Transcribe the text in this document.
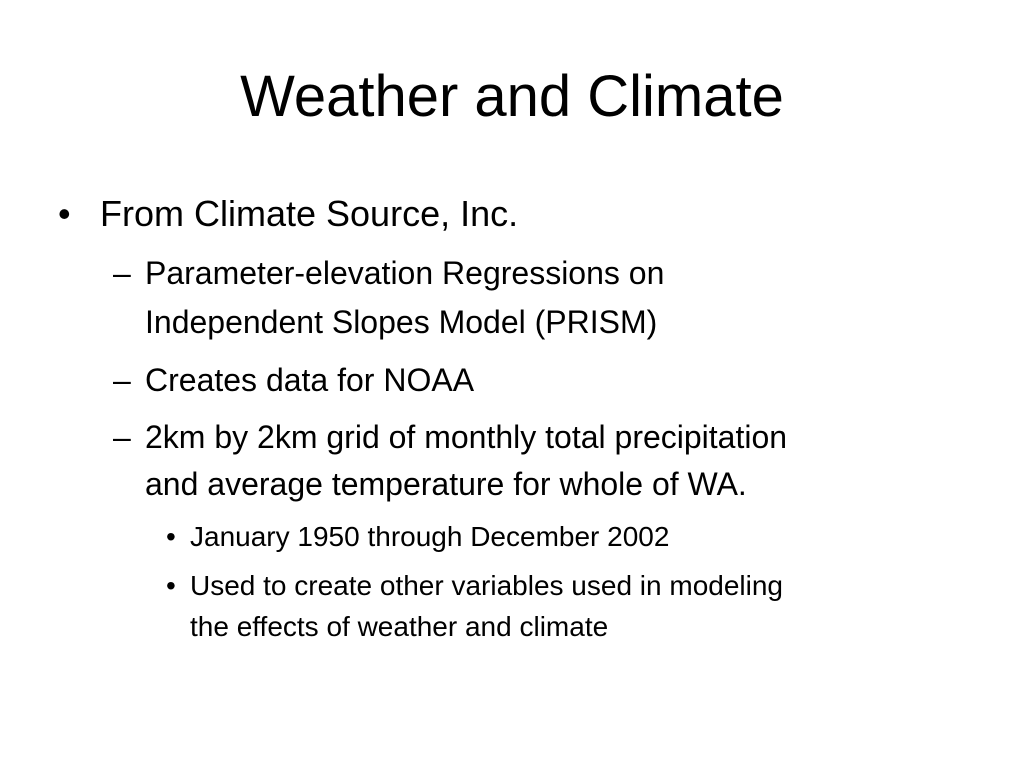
Weather and Climate
• From Climate Source, Inc.
– Parameter-elevation Regressions on
Independent Slopes Model (PRISM)
– Creates data for NOAA
– 2km by 2km grid of monthly total precipitation
and average temperature for whole of WA.
• January 1950 through December 2002
• Used to create other variables used in modeling
the effects of weather and climate
